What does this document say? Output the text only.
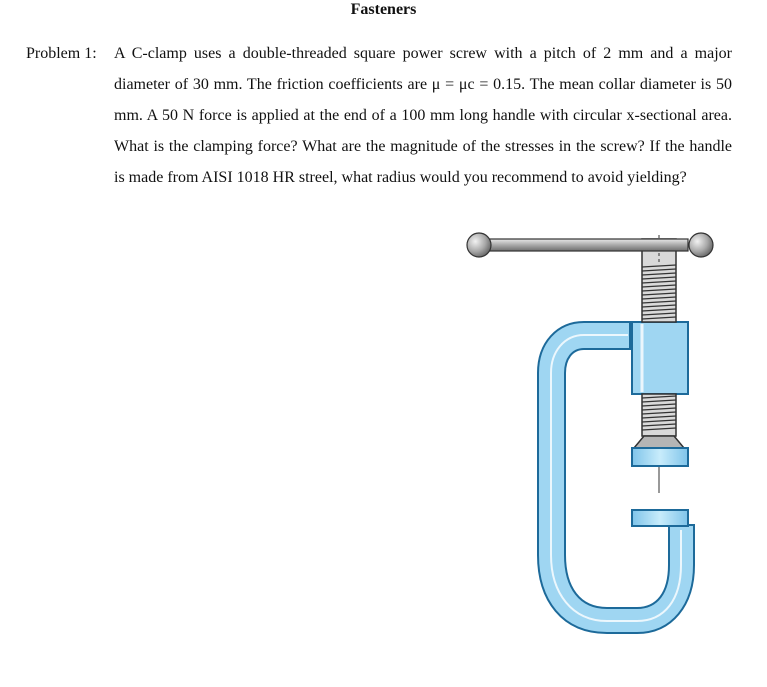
Fasteners
Problem 1: A C-clamp uses a double-threaded square power screw with a pitch of 2 mm and a major diameter of 30 mm. The friction coefficients are μ = μc = 0.15. The mean collar diameter is 50 mm. A 50 N force is applied at the end of a 100 mm long handle with circular x-sectional area. What is the clamping force? What are the magnitude of the stresses in the screw? If the handle is made from AISI 1018 HR streel, what radius would you recommend to avoid yielding?
